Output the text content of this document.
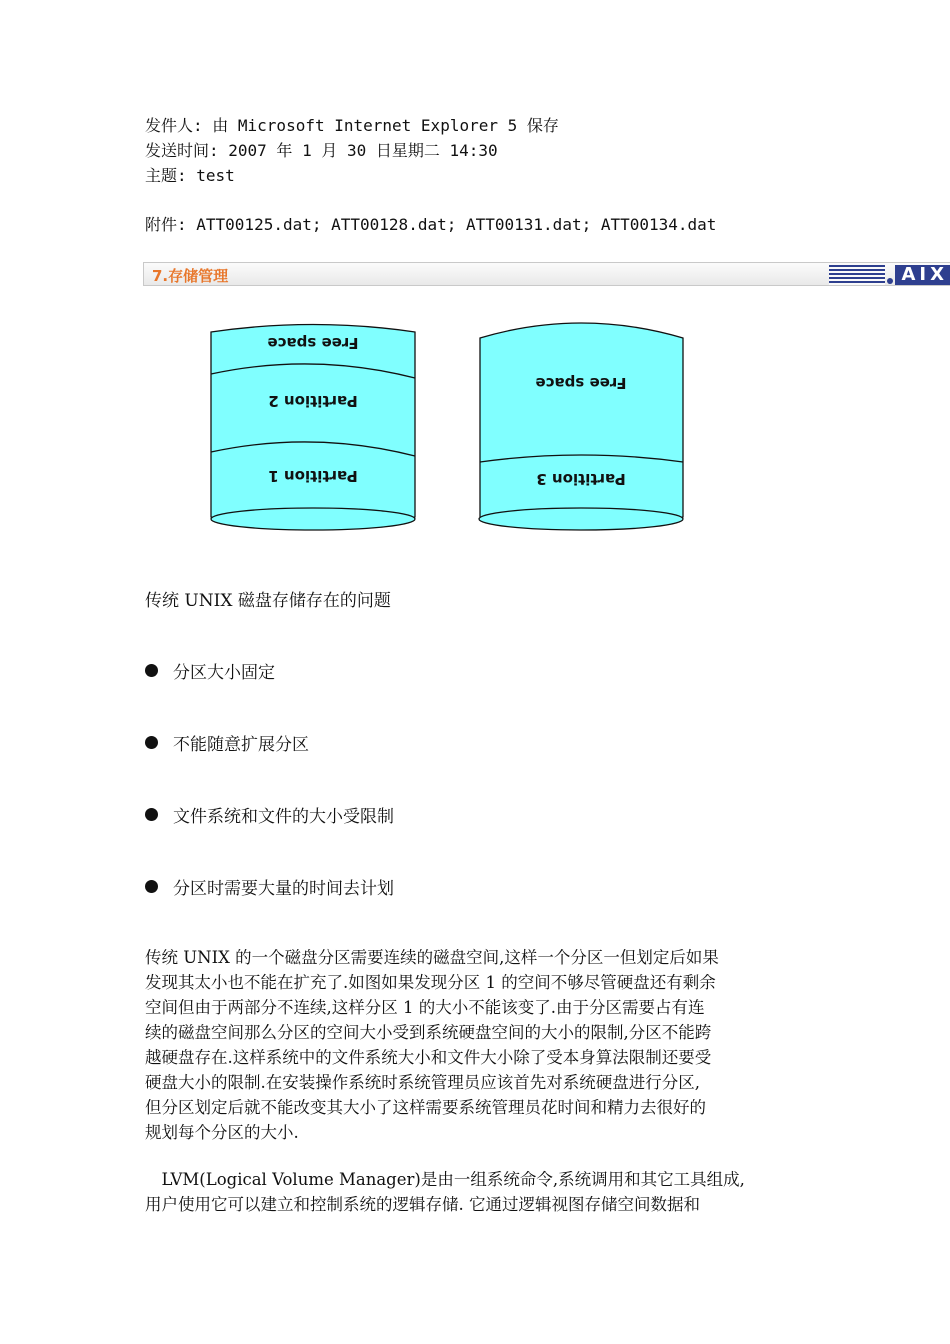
发件人: 由 Microsoft Internet Explorer 5 保存
发送时间: 2007 年 1 月 30 日星期二 14:30
主题: test
附件: ATT00125.dat; ATT00128.dat; ATT00131.dat; ATT00134.dat
7.存储管理	AIX
Free space
Partition 2
Partition 1
Free space
Partition 3
传统 UNIX 磁盘存储存在的问题
分区大小固定
不能随意扩展分区
文件系统和文件的大小受限制
分区时需要大量的时间去计划
传统 UNIX 的一个磁盘分区需要连续的磁盘空间,这样一个分区一但划定后如果
发现其太小也不能在扩充了.如图如果发现分区 1 的空间不够尽管硬盘还有剩余
空间但由于两部分不连续,这样分区 1 的大小不能该变了.由于分区需要占有连
续的磁盘空间那么分区的空间大小受到系统硬盘空间的大小的限制,分区不能跨
越硬盘存在.这样系统中的文件系统大小和文件大小除了受本身算法限制还要受
硬盘大小的限制.在安装操作系统时系统管理员应该首先对系统硬盘进行分区,
但分区划定后就不能改变其大小了这样需要系统管理员花时间和精力去很好的
规划每个分区的大小.
　LVM(Logical Volume Manager)是由一组系统命令,系统调用和其它工具组成,
用户使用它可以建立和控制系统的逻辑存储. 它通过逻辑视图存储空间数据和
